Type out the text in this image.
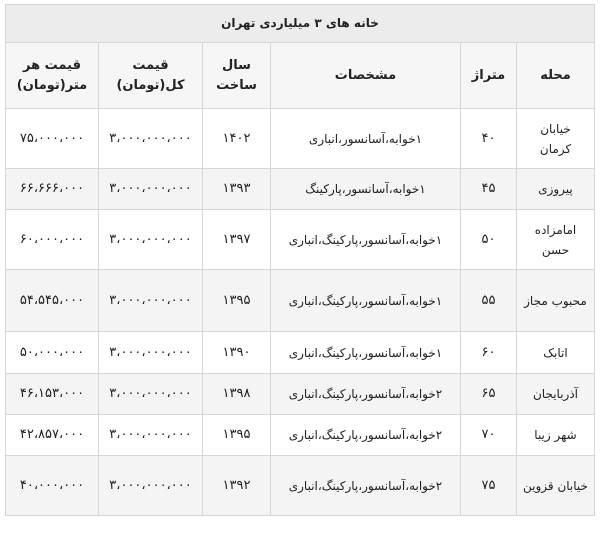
خانه های ۳ میلیاردی تهران
محله	متراژ	مشخصات	سال ساخت	قیمت کل(تومان)	قیمت هر متر(تومان)
خیابان کرمان	۴۰	۱خوابه،آسانسور،انباری	۱۴۰۲	۳،۰۰۰،۰۰۰،۰۰۰	۷۵،۰۰۰،۰۰۰
پیروزی	۴۵	۱خوابه،آسانسور،پارکینگ	۱۳۹۳	۳،۰۰۰،۰۰۰،۰۰۰	۶۶،۶۶۶،۰۰۰
امامزاده حسن	۵۰	۱خوابه،آسانسور،پارکینگ،انباری	۱۳۹۷	۳،۰۰۰،۰۰۰،۰۰۰	۶۰،۰۰۰،۰۰۰
محبوب مجاز	۵۵	۱خوابه،آسانسور،پارکینگ،انباری	۱۳۹۵	۳،۰۰۰،۰۰۰،۰۰۰	۵۴،۵۴۵،۰۰۰
اتابک	۶۰	۱خوابه،آسانسور،پارکینگ،انباری	۱۳۹۰	۳،۰۰۰،۰۰۰،۰۰۰	۵۰،۰۰۰،۰۰۰
آذربایجان	۶۵	۲خوابه،آسانسور،پارکینگ،انباری	۱۳۹۸	۳،۰۰۰،۰۰۰،۰۰۰	۴۶،۱۵۳،۰۰۰
شهر زیبا	۷۰	۲خوابه،آسانسور،پارکینگ،انباری	۱۳۹۵	۳،۰۰۰،۰۰۰،۰۰۰	۴۲،۸۵۷،۰۰۰
خیابان قزوین	۷۵	۲خوابه،آسانسور،پارکینگ،انباری	۱۳۹۲	۳،۰۰۰،۰۰۰،۰۰۰	۴۰،۰۰۰،۰۰۰
